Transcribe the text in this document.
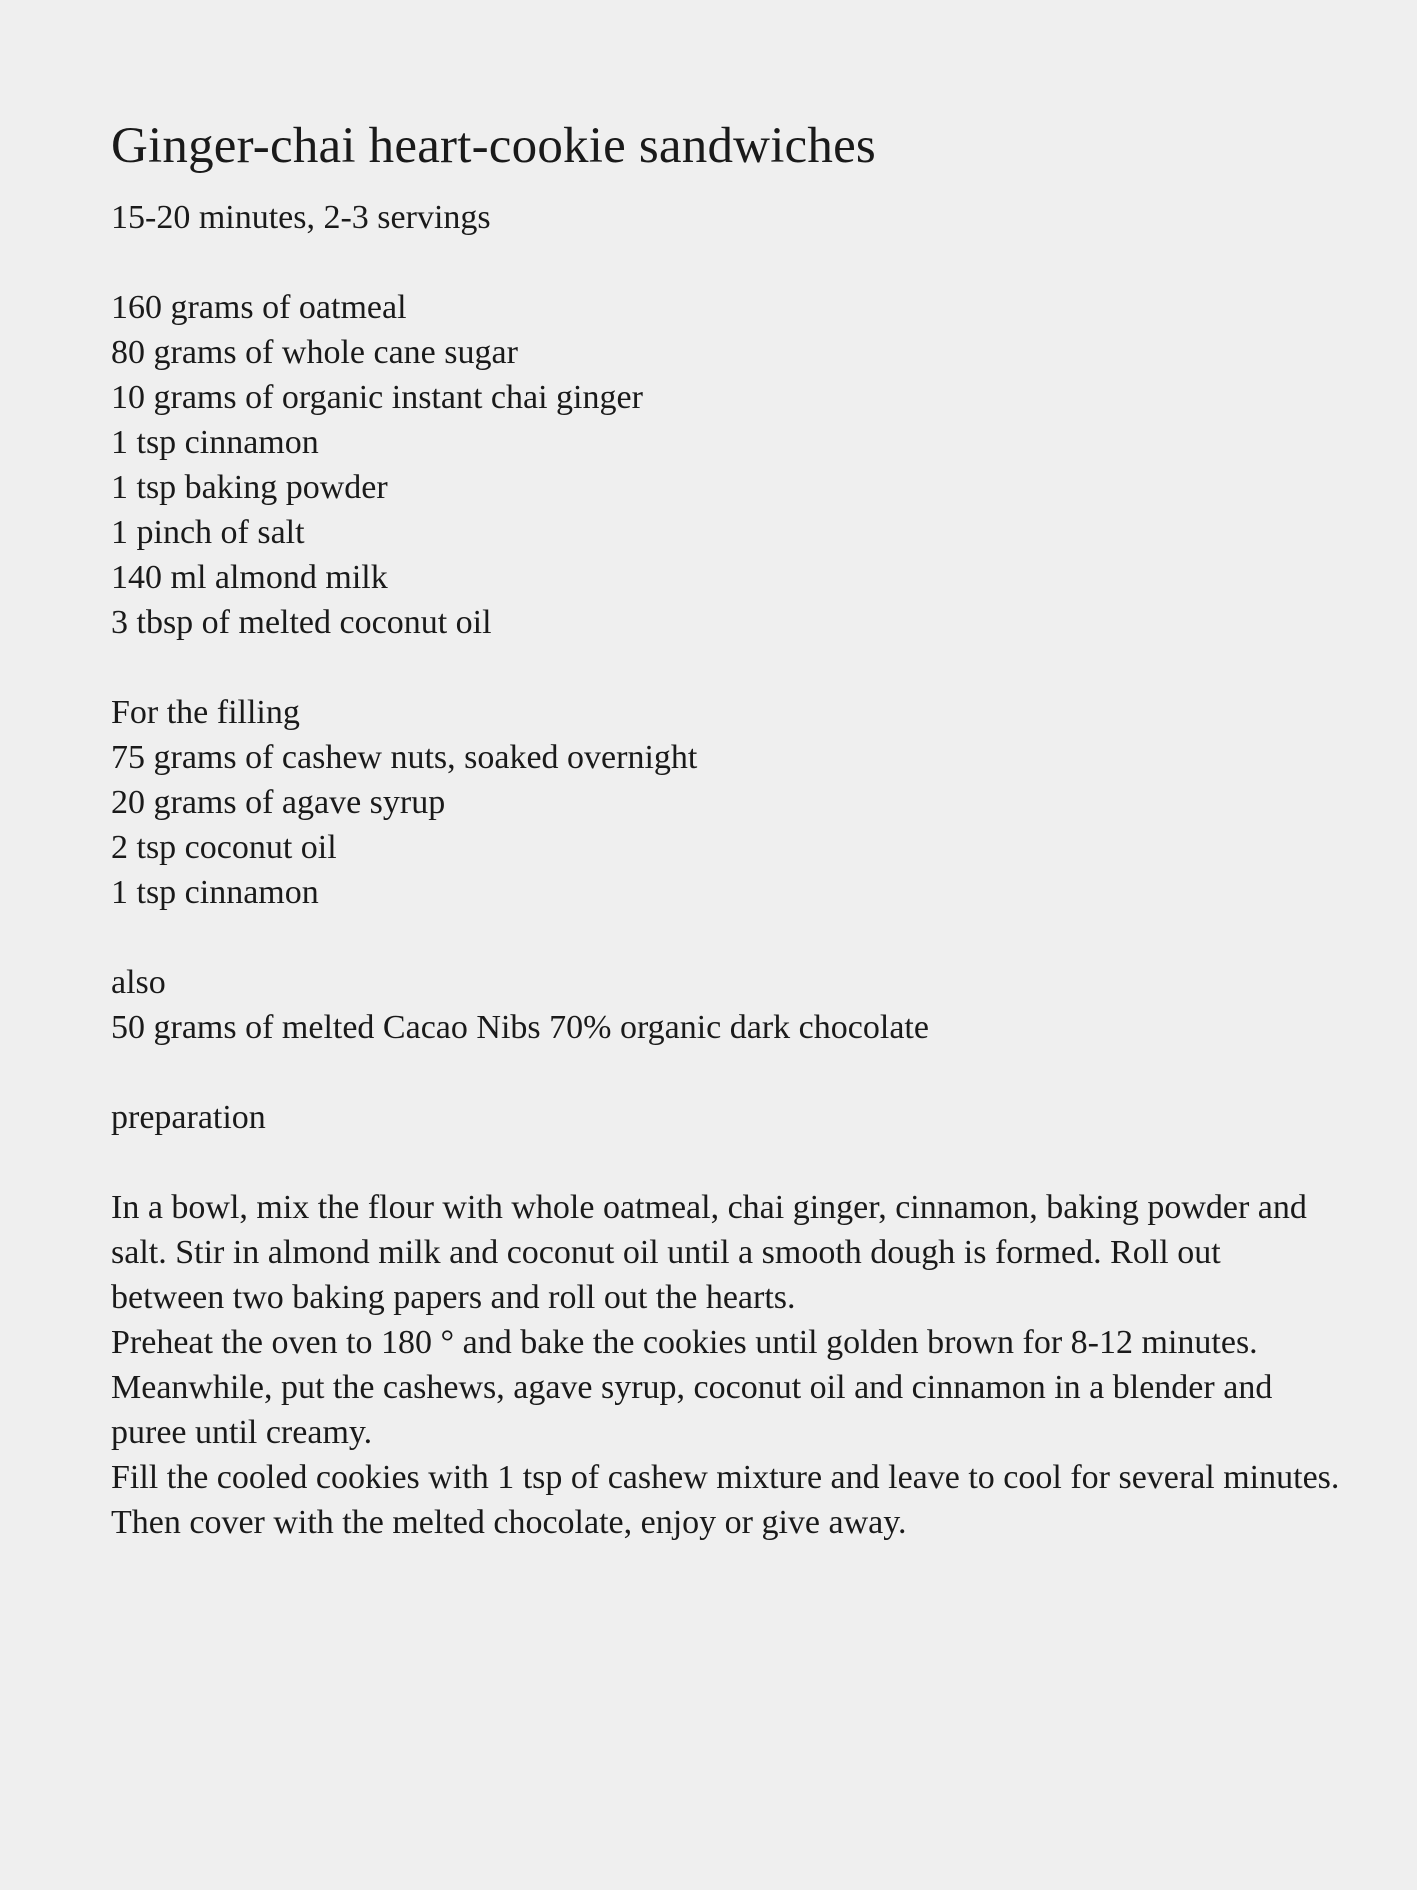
Ginger-chai heart-cookie sandwiches

15-20 minutes, 2-3 servings

160 grams of oatmeal
80 grams of whole cane sugar
10 grams of organic instant chai ginger
1 tsp cinnamon
1 tsp baking powder
1 pinch of salt
140 ml almond milk
3 tbsp of melted coconut oil

For the filling

75 grams of cashew nuts, soaked overnight
20 grams of agave syrup
2 tsp coconut oil
1 tsp cinnamon

also

50 grams of melted Cacao Nibs 70% organic dark chocolate

preparation

In a bowl, mix the flour with whole oatmeal, chai ginger, cinnamon, baking powder and salt. Stir in almond milk and coconut oil until a smooth dough is formed. Roll out between two baking papers and roll out the hearts.

Preheat the oven to 180 ° and bake the cookies until golden brown for 8-12 minutes.

Meanwhile, put the cashews, agave syrup, coconut oil and cinnamon in a blender and puree until creamy.

Fill the cooled cookies with 1 tsp of cashew mixture and leave to cool for several minutes.

Then cover with the melted chocolate, enjoy or give away.
